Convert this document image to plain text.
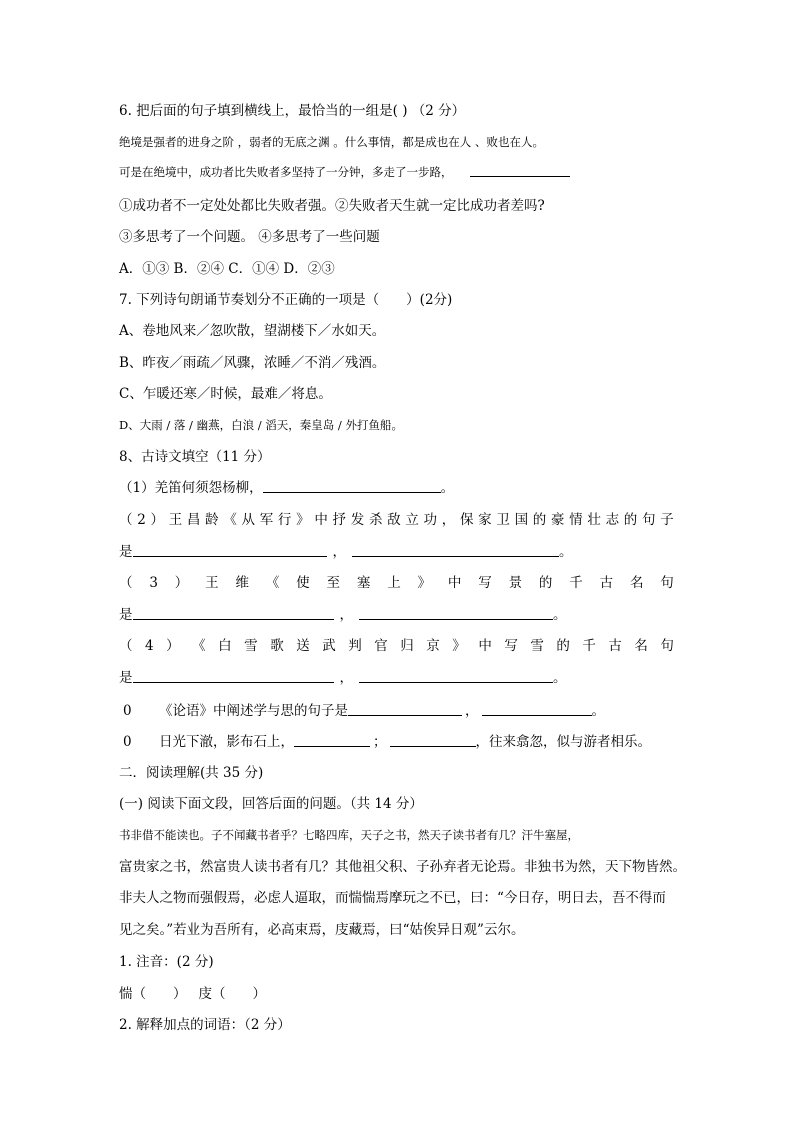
6. 把后面的句子填到横线上，最恰当的一组是( ) （2 分）
绝境是强者的进身之阶 ，弱者的无底之渊 。什么事情，都是成也在人 、败也在人。
可是在绝境中，成功者比失败者多坚持了一分钟，多走了一步路，
①成功者不一定处处都比失败者强。②失败者天生就一定比成功者差吗?
③多思考了一个问题。 ④多思考了一些问题
A．①③ B．②④ C．①④ D．②③
7. 下列诗句朗诵节奏划分不正确的一项是（　　）(2分)
A、卷地风来／忽吹散，望湖楼下／水如天。
B、昨夜／雨疏／风骤，浓睡／不消／残酒。
C、乍暖还寒／时候，最难／将息。
D、大雨 / 落 / 幽燕，白浪 / 滔天，秦皇岛 / 外打鱼船。
8、古诗文填空（11 分）
（1）羌笛何须怨杨柳，	。
（ 2 ） 王 昌 龄 《 从 军 行 》 中 抒 发 杀 敌 立 功 ， 保 家 卫 国 的 豪 情 壮 志 的 句 子
是	，	。
（ 3 ） 王 维 《 使 至 塞 上 》 中 写 景 的 千 古 名 句
是	，	。
（ 4 ） 《 白 雪 歌 送 武 判 官 归 京 》 中 写 雪 的 千 古 名 句
是	，	。
0 《论语》中阐述学与思的句子是	，	。
0 日光下澈，影布石上，	；	，往来翕忽，似与游者相乐。
二．阅读理解(共 35 分)
(一) 阅读下面文段，回答后面的问题。（共 14 分）
书非借不能读也。子不闻藏书者乎？七略四库，天子之书，然天子读书者有几？汗牛塞屋，
富贵家之书，然富贵人读书者有几？其他祖父积、子孙弃者无论焉。非独书为然，天下物皆然。
非夫人之物而强假焉，必虑人逼取，而惴惴焉摩玩之不已，曰：“今日存，明日去，吾不得而
见之矣。”若业为吾所有，必高束焉，庋藏焉，曰“姑俟异日观”云尔。
1. 注音：(2 分)
惴（　　） 庋（　　）
2. 解释加点的词语：（2 分）
